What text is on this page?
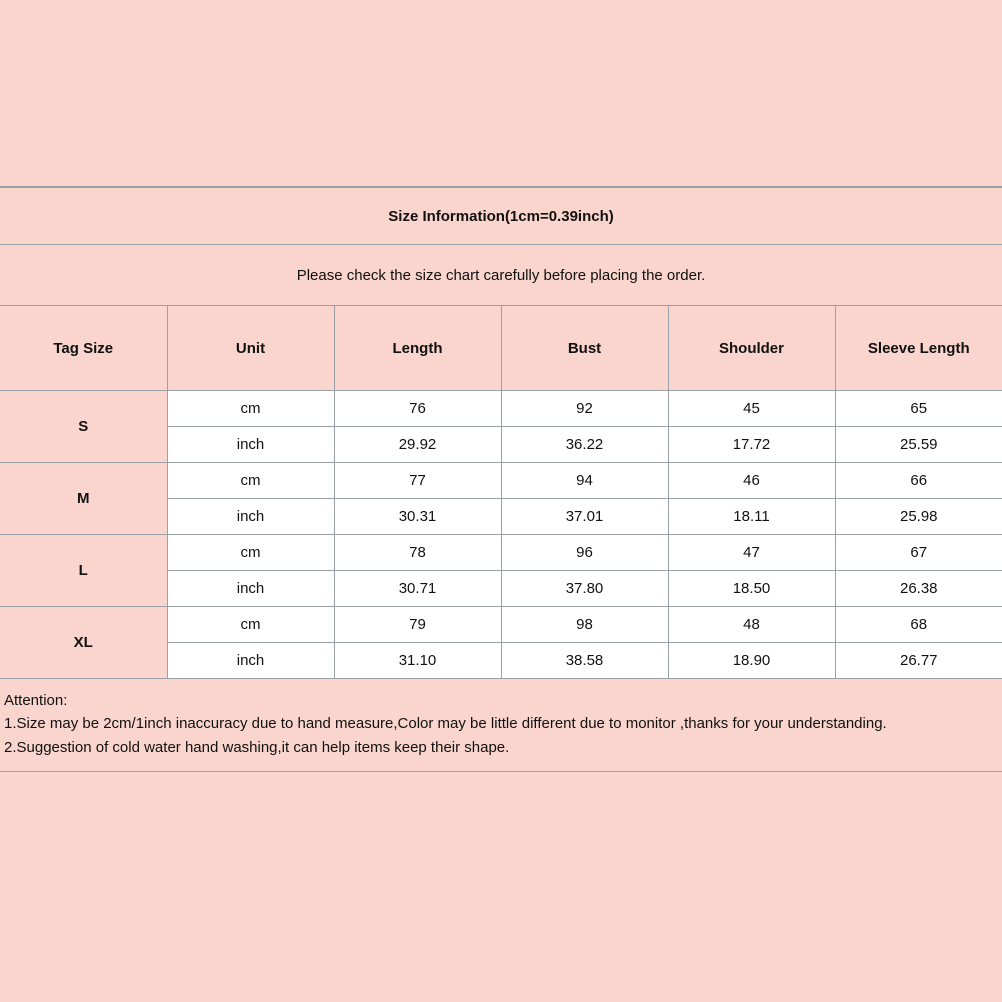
Size Information(1cm=0.39inch)					
Please check the size chart carefully before placing the order.					
Tag Size	Unit	Length	Bust	Shoulder	Sleeve Length
S	cm	76	92	45	65
	inch	29.92	36.22	17.72	25.59
M	cm	77	94	46	66
	inch	30.31	37.01	18.11	25.98
L	cm	78	96	47	67
	inch	30.71	37.80	18.50	26.38
XL	cm	79	98	48	68
	inch	31.10	38.58	18.90	26.77

Attention:
1.Size may be 2cm/1inch inaccuracy due to hand measure,Color may be little different due to monitor ,thanks for your understanding.
2.Suggestion of cold water hand washing,it can help items keep their shape.					
